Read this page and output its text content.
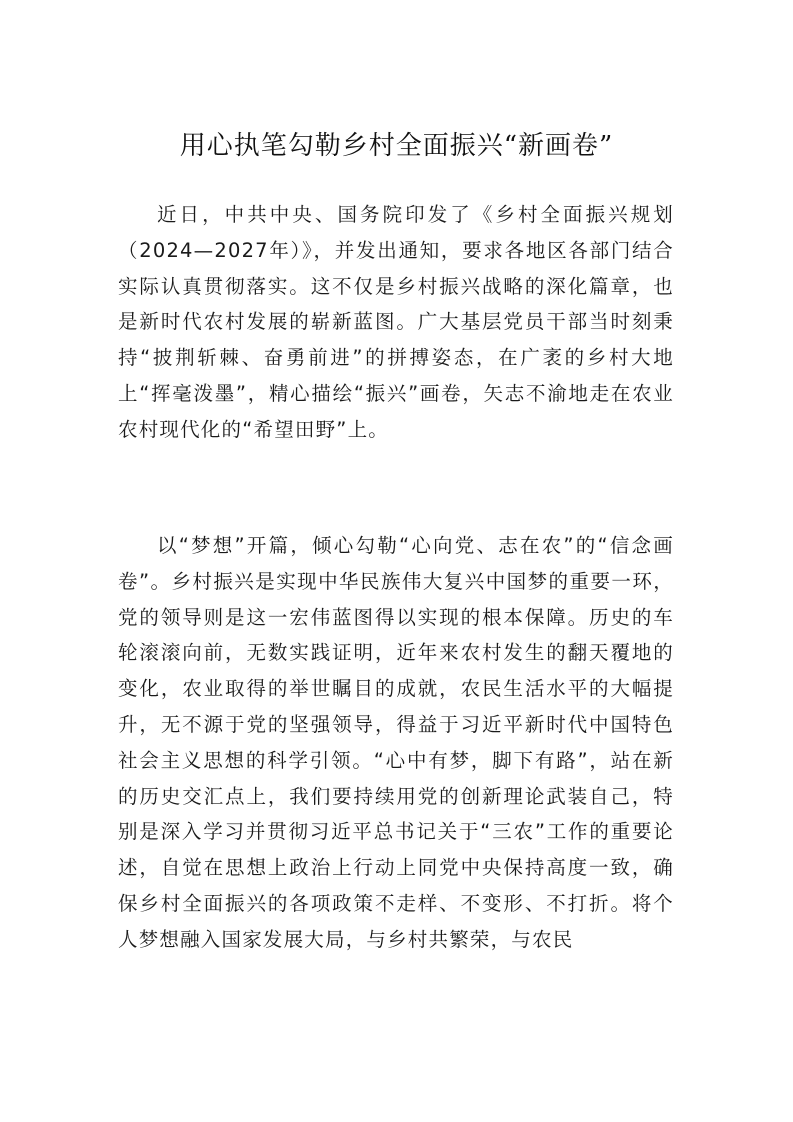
用心执笔勾勒乡村全面振兴“新画卷”

近日，中共中央、国务院印发了《乡村全面振兴规划（2024—2027年）》，并发出通知，要求各地区各部门结合实际认真贯彻落实。这不仅是乡村振兴战略的深化篇章，也是新时代农村发展的崭新蓝图。广大基层党员干部当时刻秉持“披荆斩棘、奋勇前进”的拼搏姿态，在广袤的乡村大地上“挥毫泼墨”，精心描绘“振兴”画卷，矢志不渝地走在农业农村现代化的“希望田野”上。

以“梦想”开篇，倾心勾勒“心向党、志在农”的“信念画卷”。乡村振兴是实现中华民族伟大复兴中国梦的重要一环，党的领导则是这一宏伟蓝图得以实现的根本保障。历史的车轮滚滚向前，无数实践证明，近年来农村发生的翻天覆地的变化，农业取得的举世瞩目的成就，农民生活水平的大幅提升，无不源于党的坚强领导，得益于习近平新时代中国特色社会主义思想的科学引领。“心中有梦，脚下有路”，站在新的历史交汇点上，我们要持续用党的创新理论武装自己，特别是深入学习并贯彻习近平总书记关于“三农”工作的重要论述，自觉在思想上政治上行动上同党中央保持高度一致，确保乡村全面振兴的各项政策不走样、不变形、不打折。将个人梦想融入国家发展大局，与乡村共繁荣，与农民
